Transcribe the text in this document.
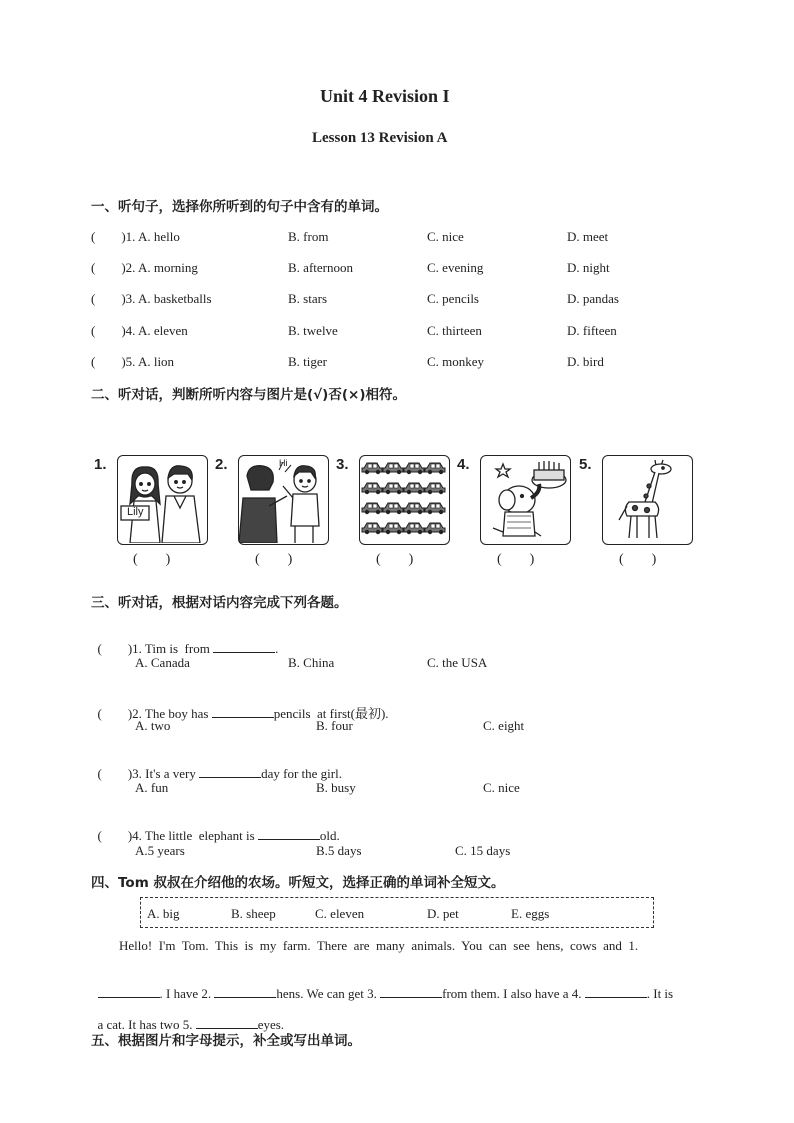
Unit 4 Revision I
Lesson 13 Revision A
一、听句子，选择你所听到的句子中含有的单词。
(        )1. A. hello	B. from	C. nice	D. meet
(        )2. A. morning	B. afternoon	C. evening	D. night
(        )3. A. basketballs	B. stars	C. pencils	D. pandas
(        )4. A. eleven	B. twelve	C. thirteen	D. fifteen
(        )5. A. lion	B. tiger	C. monkey	D. bird
二、听对话，判断所听内容与图片是(√)否(×)相符。
1.
Lily
(        )
2.	Hi
(        )
3.
(        )
4.
(        )
5.
(        )
三、听对话，根据对话内容完成下列各题。

(        )1. Tim is  from	.

A. Canada	B. China	C. the USA

(        )2. The boy has	pencils  at first(最初).

A. two	B. four	C. eight

(        )3. It's a very	day for the girl.

A. fun	B. busy	C. nice

(        )4. The little  elephant is	old.

A.5 years	B.5 days	C. 15 days
四、Tom 叔叔在介绍他的农场。听短文，选择正确的单词补全短文。
A. big	B. sheep	C. eleven	D. pet	E. eggs
Hello!  I'm  Tom.  This  is  my  farm.  There  are  many  animals.  You  can  see  hens,  cows  and  1.

. I have 2.	hens. We can get 3.	from them. I also have a 4.	. It is

a cat. It has two 5.	eyes.

五、根据图片和字母提示，补全或写出单词。
